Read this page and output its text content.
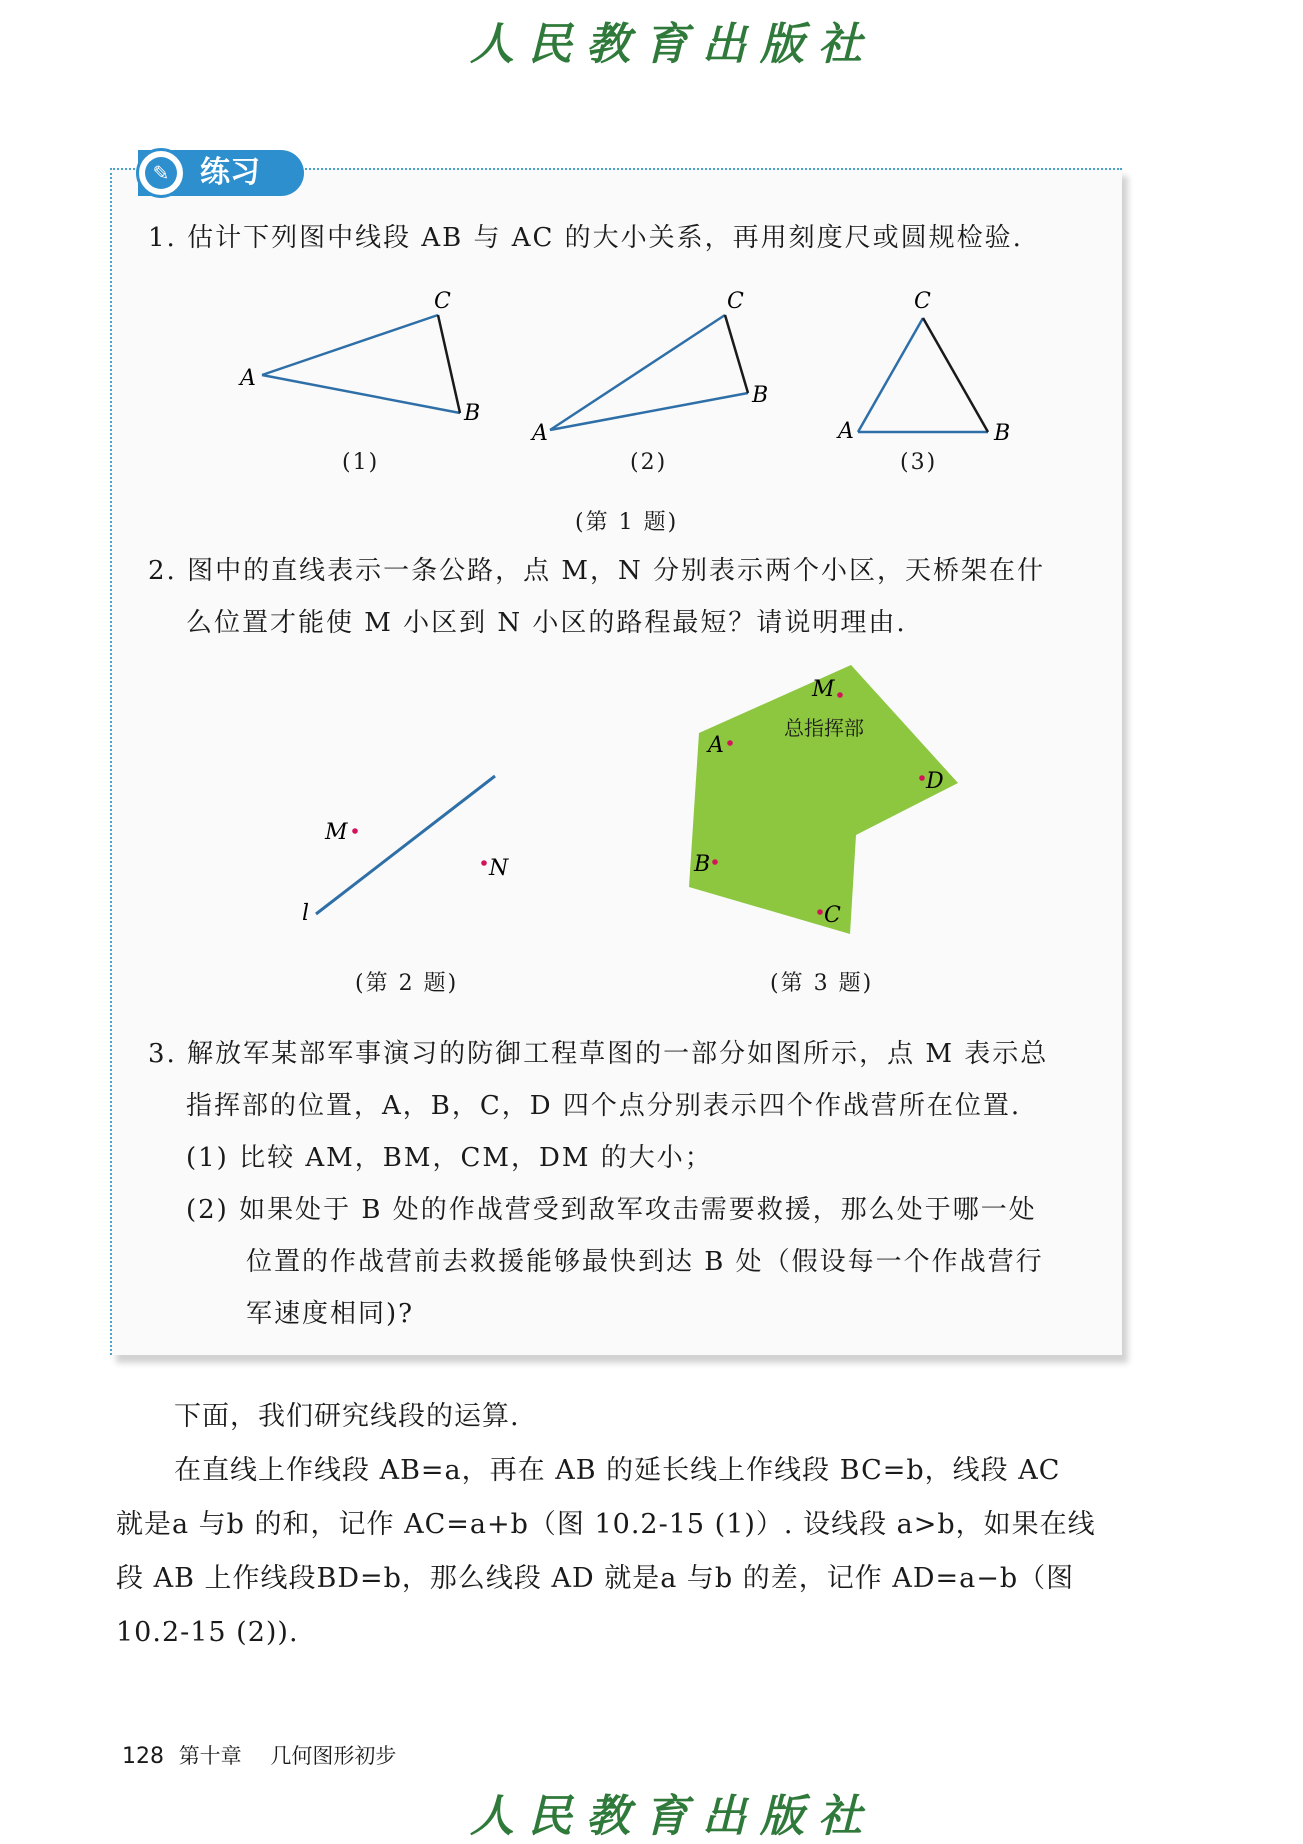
人民教育出版社
练习
✎
1. 估计下列图中线段 AB 与 AC 的大小关系，再用刻度尺或圆规检验.
A
C
B
A
C
B
A
C
B
(1)	(2)	(3)
(第 1 题)
2. 图中的直线表示一条公路，点 M，N 分别表示两个小区，天桥架在什
么位置才能使 M 小区到 N 小区的路程最短？请说明理由.
M
N
l
M
A
D
B
C
总指挥部
(第 2 题)	(第 3 题)
3. 解放军某部军事演习的防御工程草图的一部分如图所示，点 M 表示总
指挥部的位置，A，B，C，D 四个点分别表示四个作战营所在位置.
(1) 比较 AM，BM，CM，DM 的大小；
(2) 如果处于 B 处的作战营受到敌军攻击需要救援，那么处于哪一处
位置的作战营前去救援能够最快到达 B 处（假设每一个作战营行
军速度相同)?
下面，我们研究线段的运算.
在直线上作线段 AB=a，再在 AB 的延长线上作线段 BC=b，线段 AC
就是a 与b 的和，记作 AC=a+b（图 10.2-15 (1)）. 设线段 a>b，如果在线
段 AB 上作线段BD=b，那么线段 AD 就是a 与b 的差，记作 AD=a−b（图
10.2-15 (2)).
128 第十章 几何图形初步
人民教育出版社
